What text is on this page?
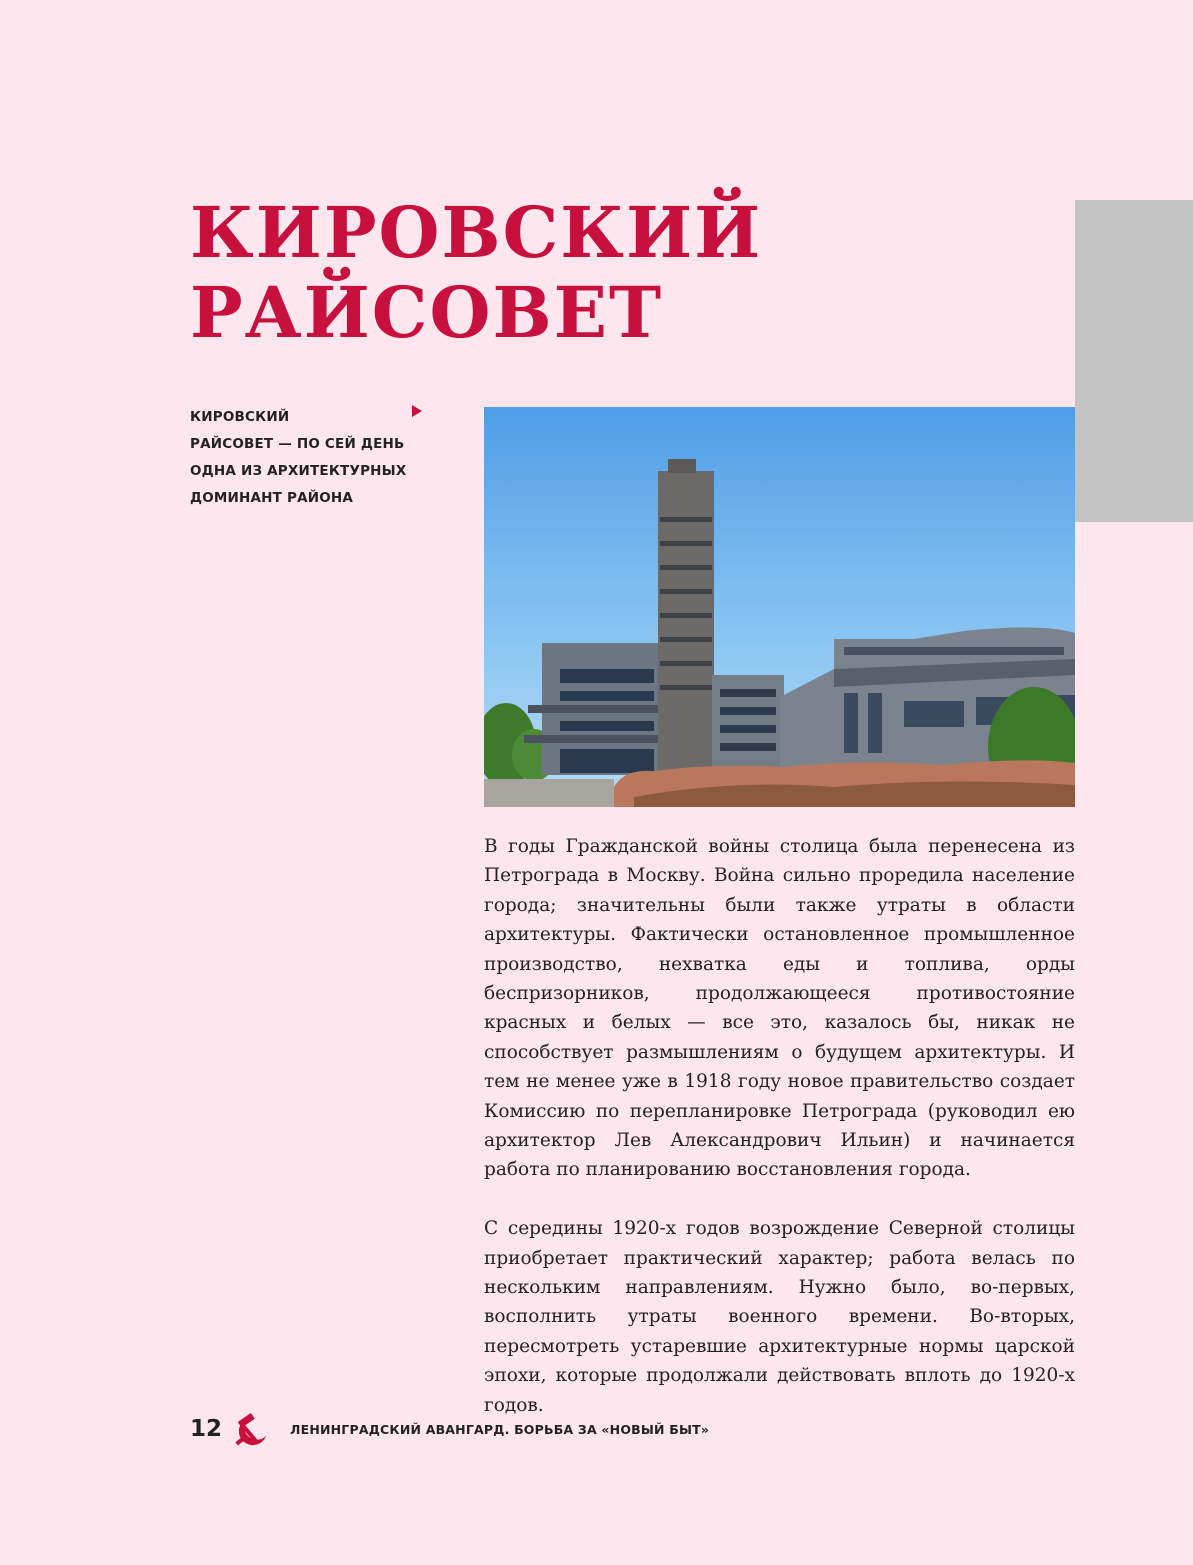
КИРОВСКИЙ
РАЙСОВЕТ
КИРОВСКИЙ
РАЙСОВЕТ — ПО СЕЙ ДЕНЬ
ОДНА ИЗ АРХИТЕКТУРНЫХ
ДОМИНАНТ РАЙОНА

В годы Гражданской войны столица была перенесена из Петрограда в Москву. Война сильно проредила население города; значительны были также утраты в области архитектуры. Фактически остановленное промышленное производство, нехватка еды и топлива, орды беспризорников, продолжающееся противостояние красных и белых — все это, казалось бы, никак не способствует размышлениям о будущем архитектуры. И тем не менее уже в 1918 году новое правительство создает Комиссию по перепланировке Петрограда (руководил ею архитектор Лев Александрович Ильин) и начинается работа по планированию восстановления города.

С середины 1920-х годов возрождение Северной столицы приобретает практический характер; работа велась по нескольким направлениям. Нужно было, во-первых, восполнить утраты военного времени. Во-вторых, пересмотреть устаревшие архитектурные нормы царской эпохи, которые продолжали действовать вплоть до 1920-х годов.

12	ЛЕНИНГРАДСКИЙ АВАНГАРД. БОРЬБА ЗА «НОВЫЙ БЫТ»
